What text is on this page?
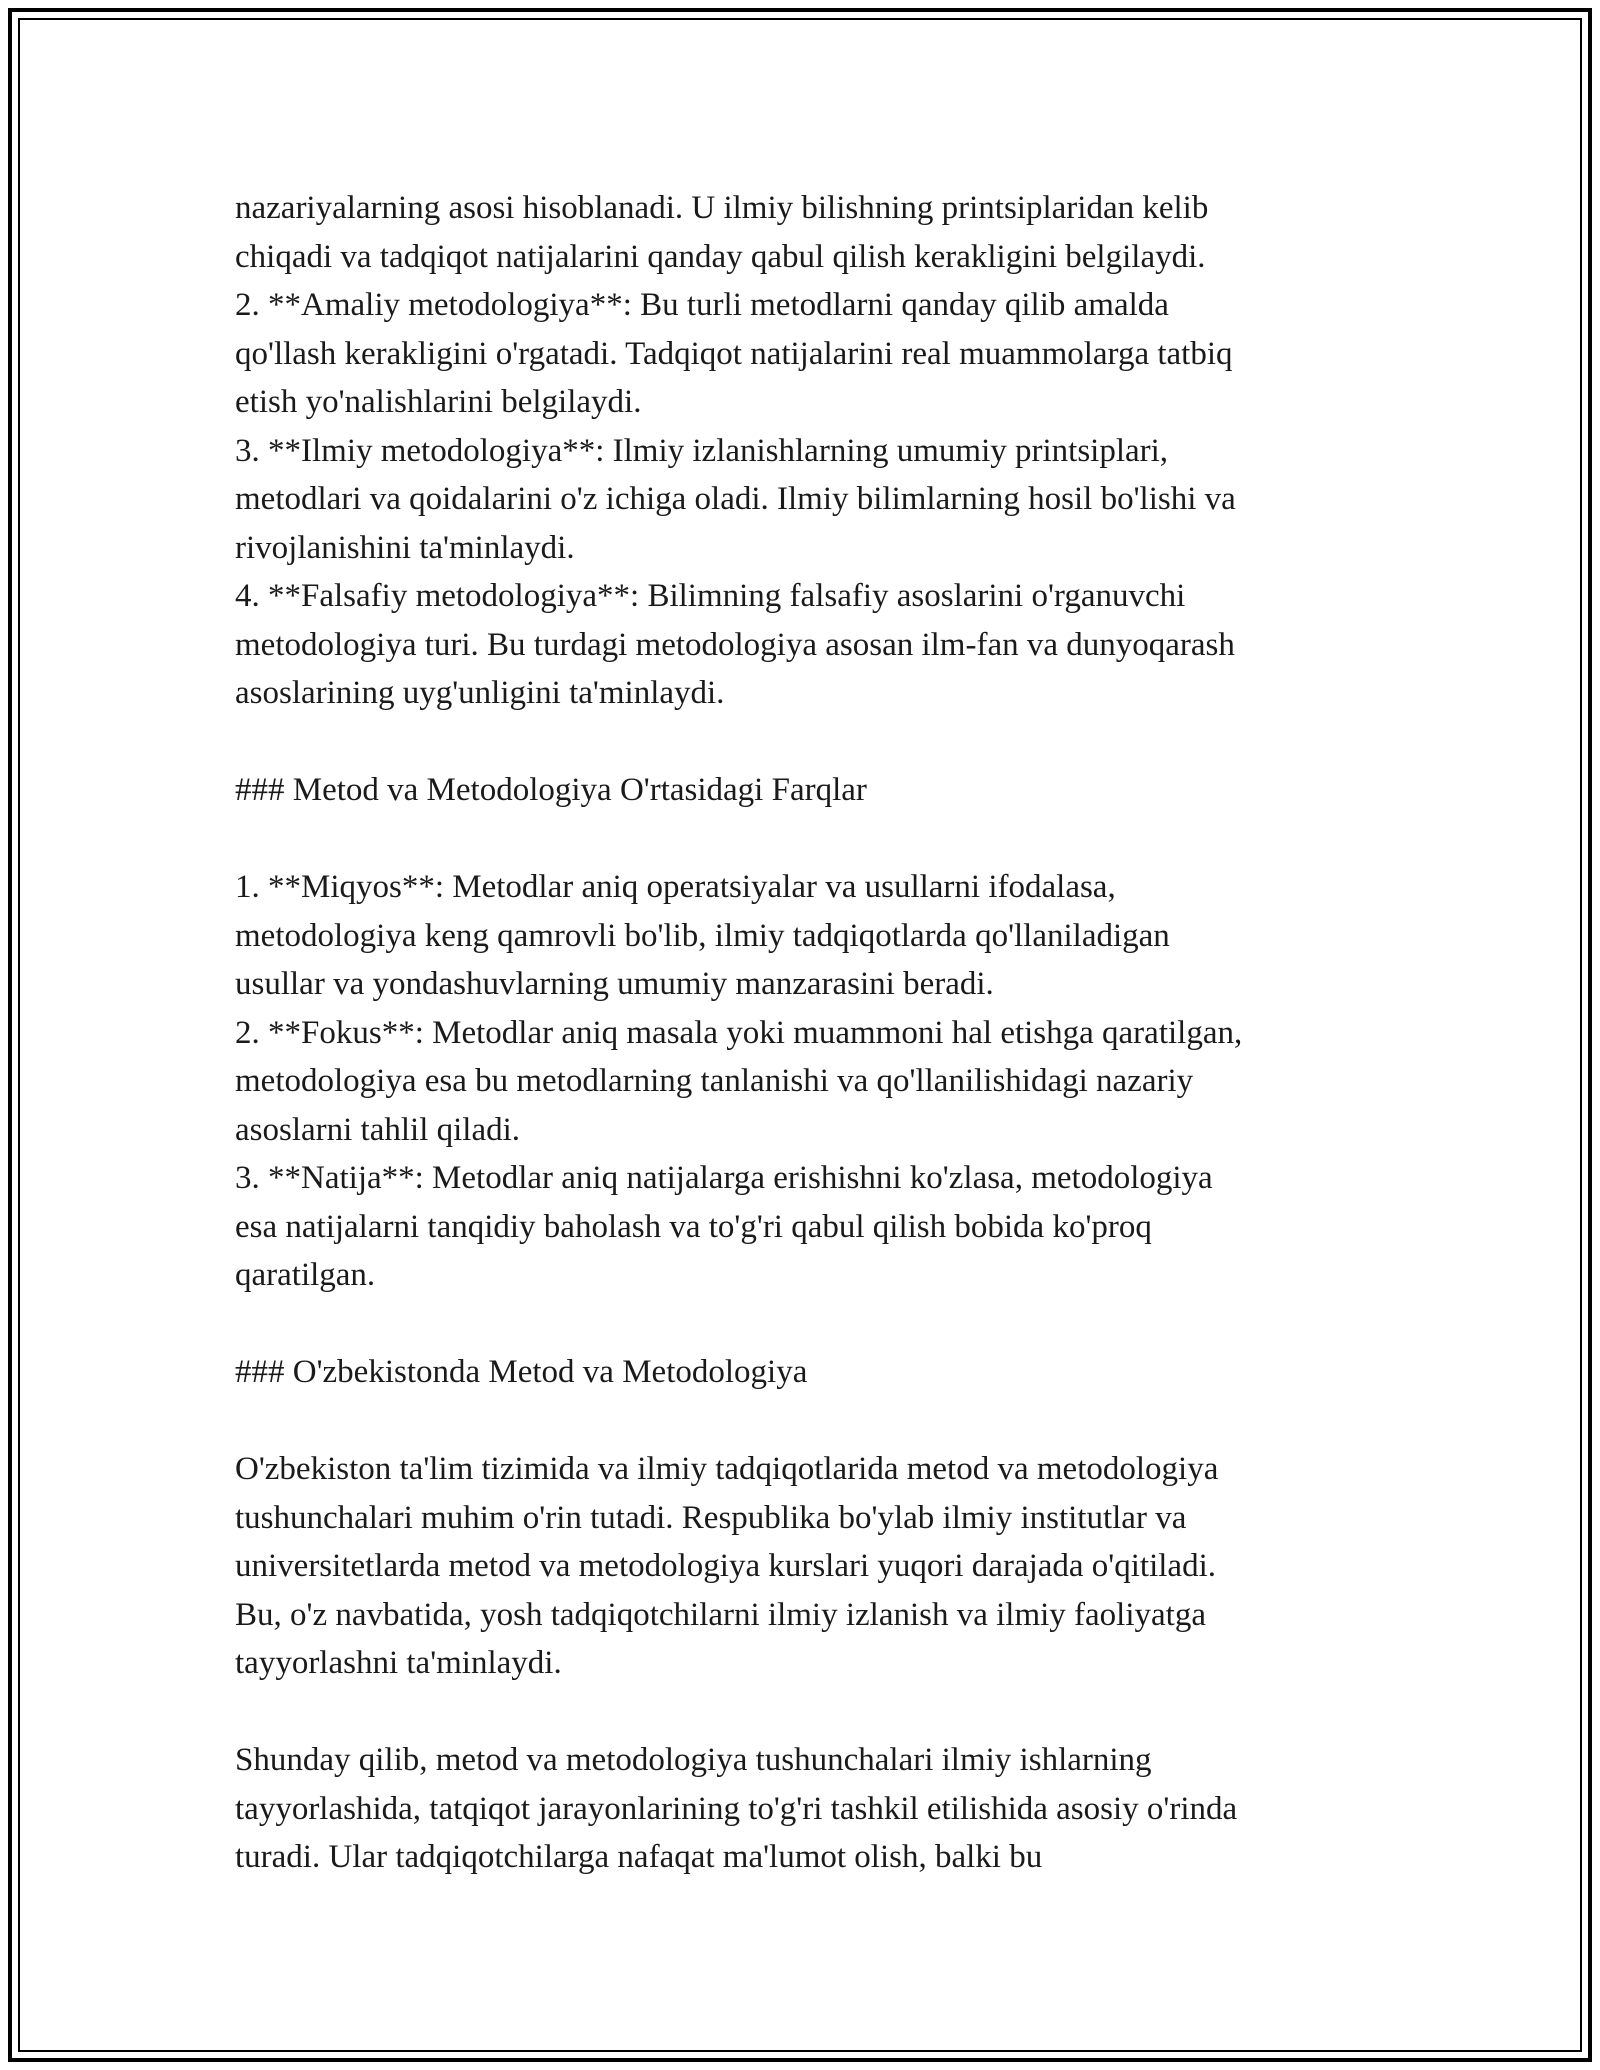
nazariyalarning asosi hisoblanadi. U ilmiy bilishning printsiplaridan kelib

chiqadi va tadqiqot natijalarini qanday qabul qilish kerakligini belgilaydi.

2. **Amaliy metodologiya**: Bu turli metodlarni qanday qilib amalda

qo'llash kerakligini o'rgatadi. Tadqiqot natijalarini real muammolarga tatbiq

etish yo'nalishlarini belgilaydi.

3. **Ilmiy metodologiya**: Ilmiy izlanishlarning umumiy printsiplari,

metodlari va qoidalarini o'z ichiga oladi. Ilmiy bilimlarning hosil bo'lishi va

rivojlanishini ta'minlaydi.

4. **Falsafiy metodologiya**: Bilimning falsafiy asoslarini o'rganuvchi

metodologiya turi. Bu turdagi metodologiya asosan ilm-fan va dunyoqarash

asoslarining uyg'unligini ta'minlaydi.

### Metod va Metodologiya O'rtasidagi Farqlar

1. **Miqyos**: Metodlar aniq operatsiyalar va usullarni ifodalasa,

metodologiya keng qamrovli bo'lib, ilmiy tadqiqotlarda qo'llaniladigan

usullar va yondashuvlarning umumiy manzarasini beradi.

2. **Fokus**: Metodlar aniq masala yoki muammoni hal etishga qaratilgan,

metodologiya esa bu metodlarning tanlanishi va qo'llanilishidagi nazariy

asoslarni tahlil qiladi.

3. **Natija**: Metodlar aniq natijalarga erishishni ko'zlasa, metodologiya

esa natijalarni tanqidiy baholash va to'g'ri qabul qilish bobida ko'proq

qaratilgan.

### O'zbekistonda Metod va Metodologiya

O'zbekiston ta'lim tizimida va ilmiy tadqiqotlarida metod va metodologiya

tushunchalari muhim o'rin tutadi. Respublika bo'ylab ilmiy institutlar va

universitetlarda metod va metodologiya kurslari yuqori darajada o'qitiladi.

Bu, o'z navbatida, yosh tadqiqotchilarni ilmiy izlanish va ilmiy faoliyatga

tayyorlashni ta'minlaydi.

Shunday qilib, metod va metodologiya tushunchalari ilmiy ishlarning

tayyorlashida, tatqiqot jarayonlarining to'g'ri tashkil etilishida asosiy o'rinda

turadi. Ular tadqiqotchilarga nafaqat ma'lumot olish, balki bu
